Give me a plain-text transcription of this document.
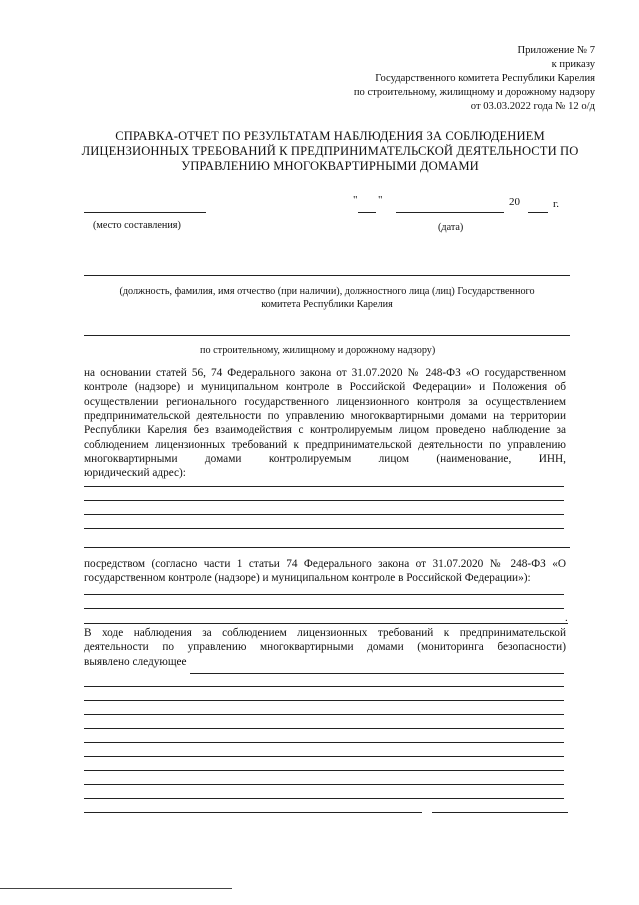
Приложение № 7
к приказу
Государственного комитета Республики Карелия
по строительному, жилищному и дорожному надзору
от 03.03.2022 года № 12 о/д
СПРАВКА-ОТЧЕТ ПО РЕЗУЛЬТАТАМ НАБЛЮДЕНИЯ ЗА СОБЛЮДЕНИЕМ
ЛИЦЕНЗИОННЫХ ТРЕБОВАНИЙ К ПРЕДПРИНИМАТЕЛЬСКОЙ ДЕЯТЕЛЬНОСТИ ПО
УПРАВЛЕНИЮ МНОГОКВАРТИРНЫМИ ДОМАМИ
" "	20	г.
(место составления)	(дата)
(должность, фамилия, имя отчество (при наличии), должностного лица (лиц) Государственного
комитета Республики Карелия
по строительному, жилищному и дорожному надзору)
на основании статей 56, 74 Федерального закона от 31.07.2020 № 248-ФЗ «О государственном
контроле (надзоре) и муниципальном контроле в Российской Федерации» и Положения об
осуществлении регионального государственного лицензионного контроля за осуществлением
предпринимательской деятельности по управлению многоквартирными домами на территории
Республики Карелия без взаимодействия с контролируемым лицом проведено наблюдение за
соблюдением лицензионных требований к предпринимательской деятельности по управлению
многоквартирными домами контролируемым лицом (наименование, ИНН,
юридический адрес):
посредством (согласно части 1 статьи 74 Федерального закона от 31.07.2020 № 248-ФЗ «О
государственном контроле (надзоре) и муниципальном контроле в Российской Федерации»):
.
В ходе наблюдения за соблюдением лицензионных требований к предпринимательской
деятельности по управлению многоквартирными домами (мониторинга безопасности)
выявлено следующее
